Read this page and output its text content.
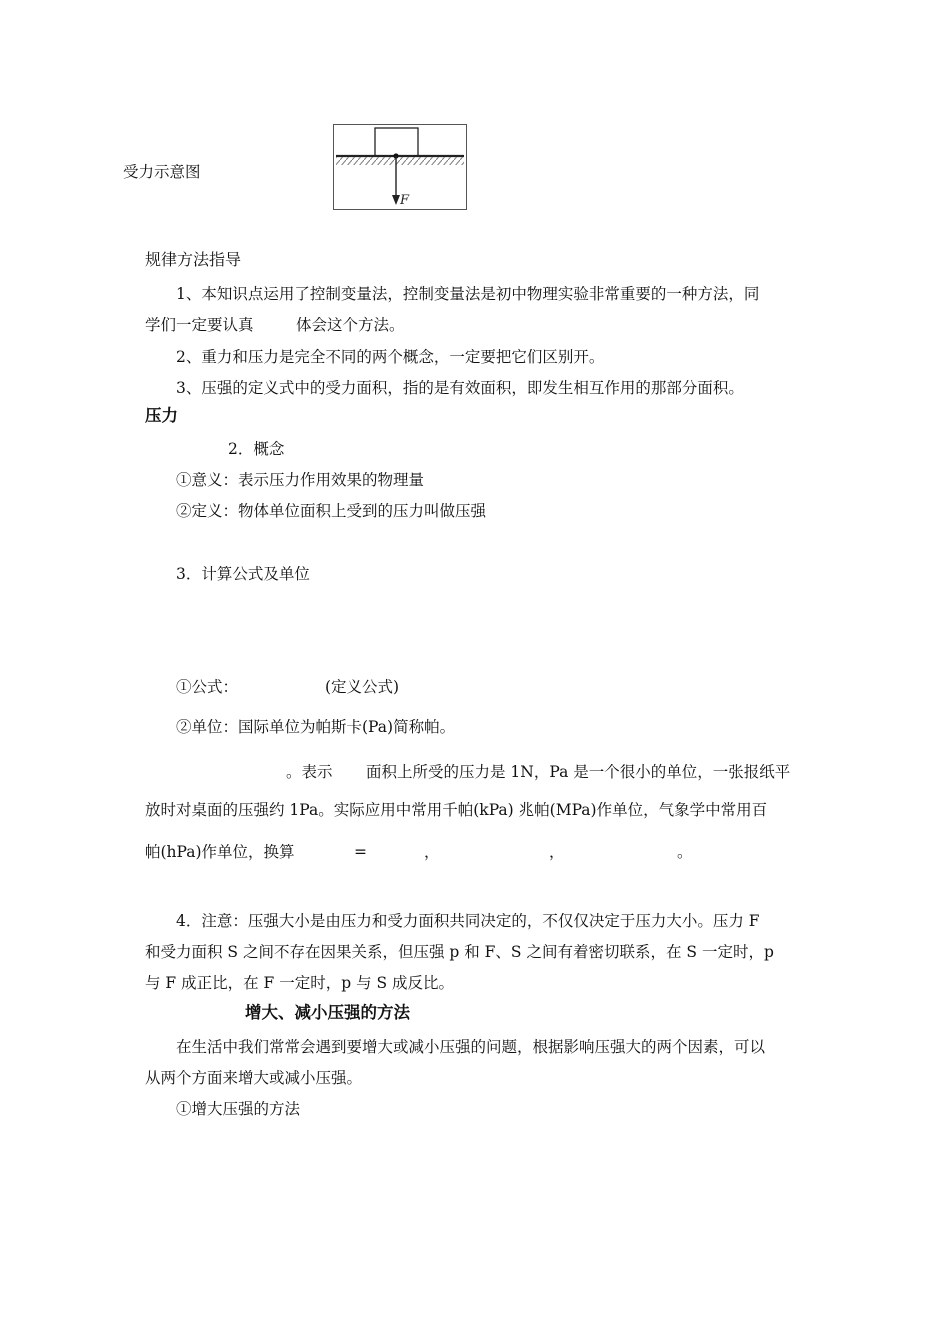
受力示意图
F
规律方法指导
1、本知识点运用了控制变量法，控制变量法是初中物理实验非常重要的一种方法，同
学们一定要认真	体会这个方法。
2、重力和压力是完全不同的两个概念，一定要把它们区别开。
3、压强的定义式中的受力面积，指的是有效面积，即发生相互作用的那部分面积。
压力
2．概念
①意义：表示压力作用效果的物理量
②定义：物体单位面积上受到的压力叫做压强
3．计算公式及单位
①公式：	(定义公式)
②单位：国际单位为帕斯卡(Pa)简称帕。
。表示 面积上所受的压力是 1N，Pa 是一个很小的单位，一张报纸平
放时对桌面的压强约 1Pa。实际应用中常用千帕(kPa) 兆帕(MPa)作单位，气象学中常用百
帕(hPa)作单位，换算	=	，	，	。
4．注意：压强大小是由压力和受力面积共同决定的，不仅仅决定于压力大小。压力 F
和受力面积 S 之间不存在因果关系，但压强 p 和 F、S 之间有着密切联系，在 S 一定时，p
与 F 成正比，在 F 一定时，p 与 S 成反比。
增大、减小压强的方法
在生活中我们常常会遇到要增大或减小压强的问题，根据影响压强大的两个因素，可以
从两个方面来增大或减小压强。
①增大压强的方法
